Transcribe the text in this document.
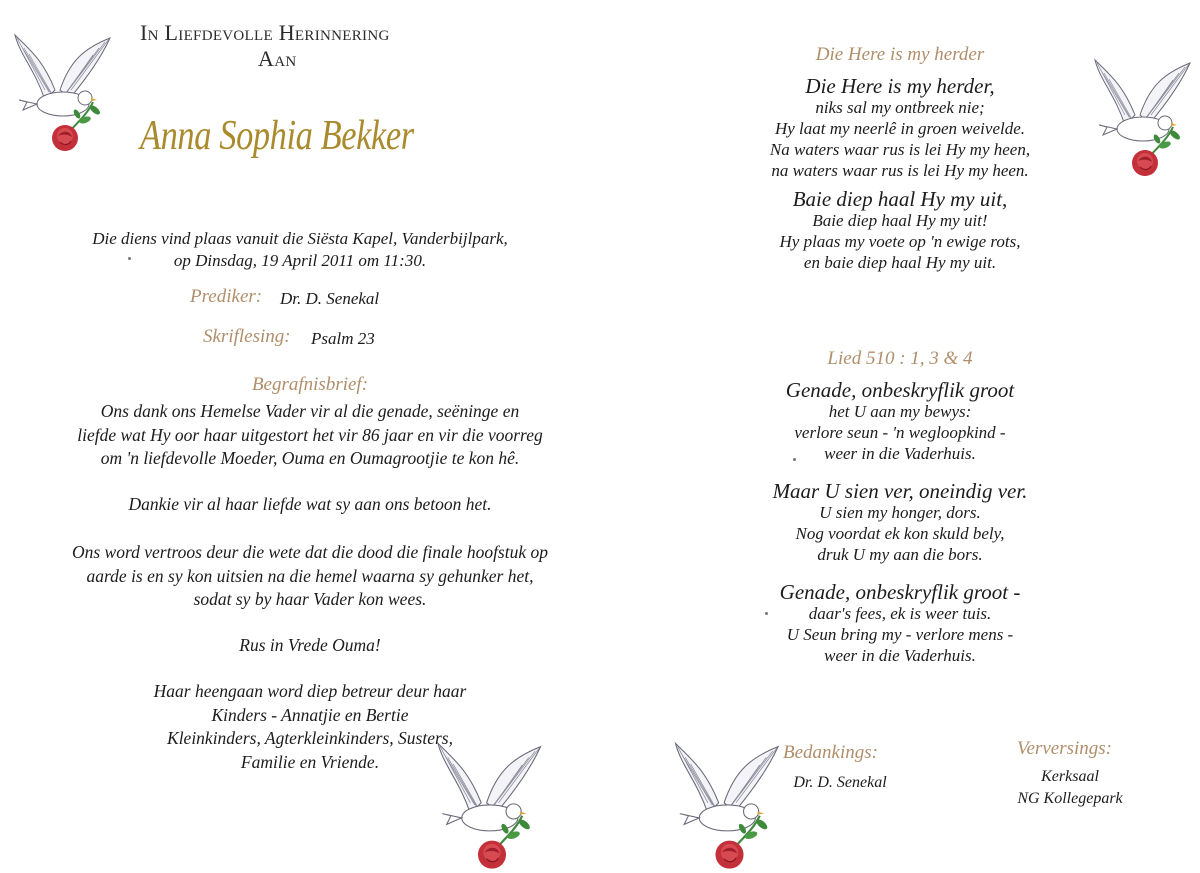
In Liefdevolle Herinnering
Aan
Anna Sophia Bekker
Die diens vind plaas vanuit die Siësta Kapel, Vanderbijlpark,
op Dinsdag, 19 April 2011 om 11:30.
Prediker: Dr. D. Senekal
Skriflesing: Psalm 23
Begrafnisbrief:
Ons dank ons Hemelse Vader vir al die genade, seëninge en
liefde wat Hy oor haar uitgestort het vir 86 jaar en vir die voorreg
om 'n liefdevolle Moeder, Ouma en Oumagrootjie te kon hê.
Dankie vir al haar liefde wat sy aan ons betoon het.
Ons word vertroos deur die wete dat die dood die finale hoofstuk op
aarde is en sy kon uitsien na die hemel waarna sy gehunker het,
sodat sy by haar Vader kon wees.
Rus in Vrede Ouma!
Haar heengaan word diep betreur deur haar
Kinders - Annatjie en Bertie
Kleinkinders, Agterkleinkinders, Susters,
Familie en Vriende.
Die Here is my herder
Die Here is my herder,
niks sal my ontbreek nie;
Hy laat my neerlê in groen weivelde.
Na waters waar rus is lei Hy my heen,
na waters waar rus is lei Hy my heen.
Baie diep haal Hy my uit,
Baie diep haal Hy my uit!
Hy plaas my voete op 'n ewige rots,
en baie diep haal Hy my uit.
Lied 510 : 1, 3 & 4
Genade, onbeskryflik groot
het U aan my bewys:
verlore seun - 'n wegloopkind -
weer in die Vaderhuis.
Maar U sien ver, oneindig ver.
U sien my honger, dors.
Nog voordat ek kon skuld bely,
druk U my aan die bors.
Genade, onbeskryflik groot -
daar's fees, ek is weer tuis.
U Seun bring my - verlore mens -
weer in die Vaderhuis.
Bedankings:
Dr. D. Senekal
Verversings:
Kerksaal
NG Kollegepark
